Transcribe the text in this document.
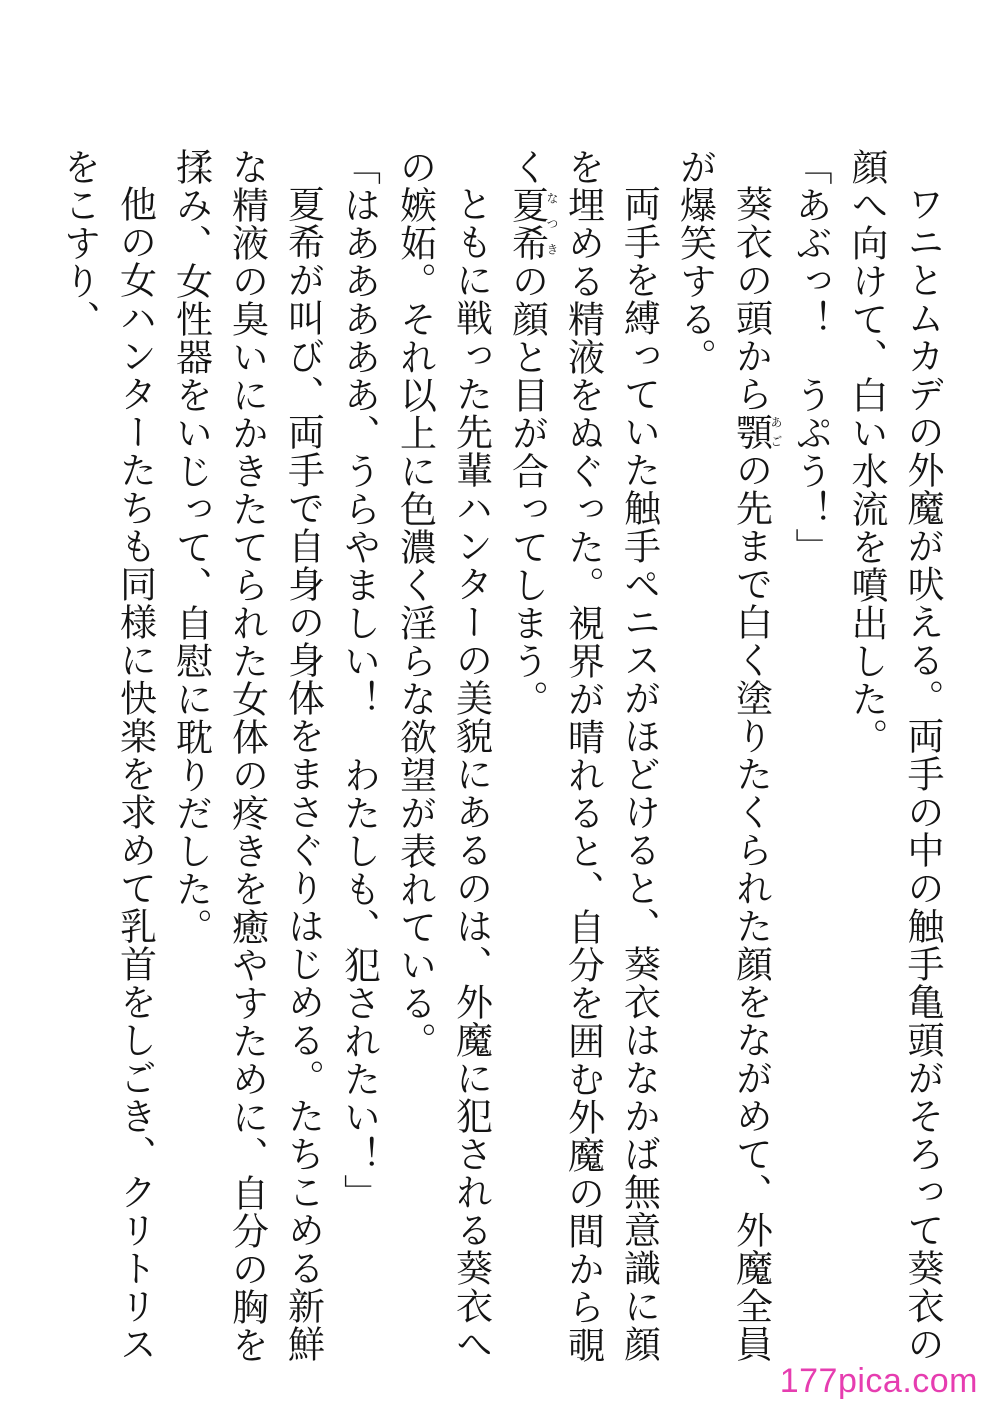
ワニとムカデの外魔が吠える。両手の中の触手亀頭がそろって葵衣の顔へ向けて、白い水流を噴出した。

「あぶっ！　うぷう！」

葵衣の頭から顎あごの先まで白く塗りたくられた顔をながめて、外魔全員が爆笑する。

両手を縛っていた触手ペニスがほどけると、葵衣はなかば無意識に顔を埋める精液をぬぐった。視界が晴れると、自分を囲む外魔の間から覗く夏希なつきの顔と目が合ってしまう。

ともに戦った先輩ハンターの美貌にあるのは、外魔に犯される葵衣への嫉妬。それ以上に色濃く淫らな欲望が表れている。

「はあああああ、うらやましい！　わたしも、犯されたい！」

夏希が叫び、両手で自身の身体をまさぐりはじめる。たちこめる新鮮な精液の臭いにかきたてられた女体の疼きを癒やすために、自分の胸を揉み、女性器をいじって、自慰に耽りだした。

他の女ハンターたちも同様に快楽を求めて乳首をしごき、クリトリスをこすり、

177pica.com
